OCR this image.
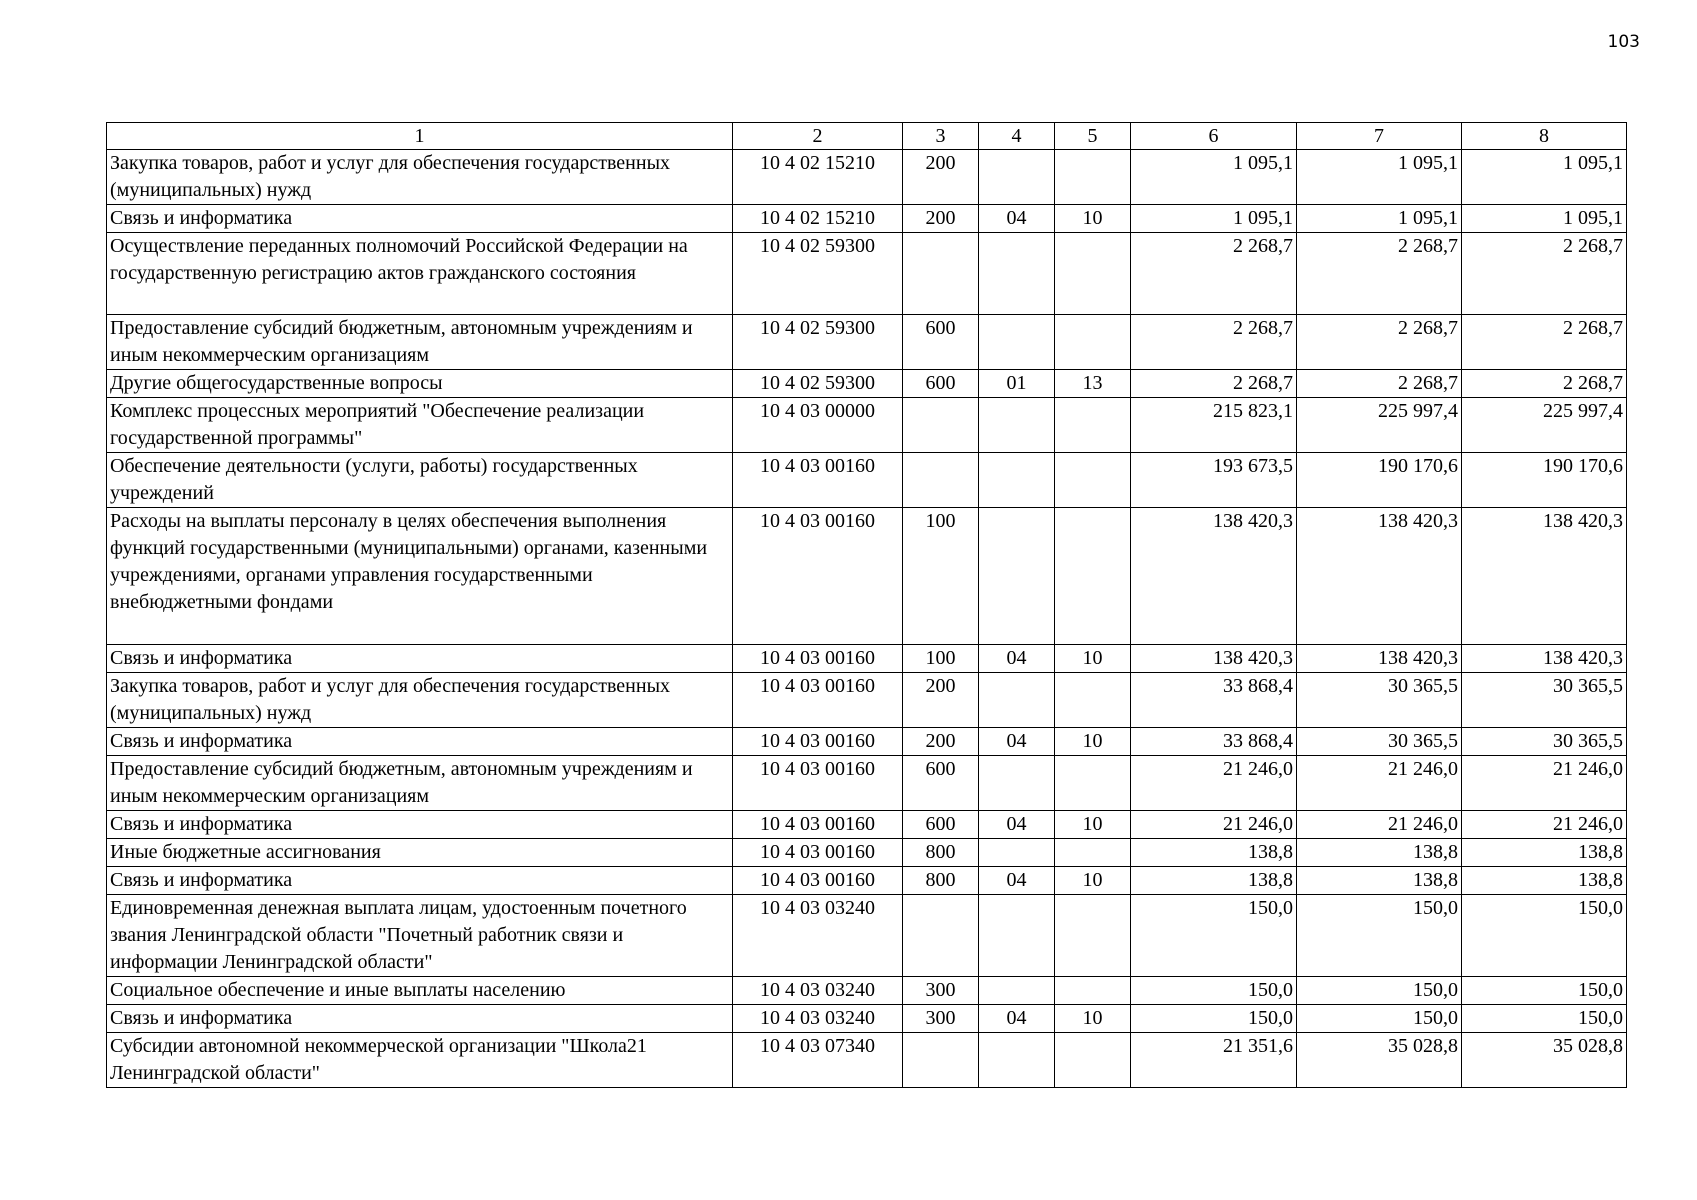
103
1	2	3	4	5	6	7	8
Закупка товаров, работ и услуг для обеспечения государственных (муниципальных) нужд	10 4 02 15210	200			1 095,1	1 095,1	1 095,1
Связь и информатика	10 4 02 15210	200	04	10	1 095,1	1 095,1	1 095,1
Осуществление переданных полномочий Российской Федерации на государственную регистрацию актов гражданского состояния	10 4 02 59300				2 268,7	2 268,7	2 268,7
Предоставление субсидий бюджетным, автономным учреждениям и иным некоммерческим организациям	10 4 02 59300	600			2 268,7	2 268,7	2 268,7
Другие общегосударственные вопросы	10 4 02 59300	600	01	13	2 268,7	2 268,7	2 268,7
Комплекс процессных мероприятий "Обеспечение реализации государственной программы"	10 4 03 00000				215 823,1	225 997,4	225 997,4
Обеспечение деятельности (услуги, работы) государственных учреждений	10 4 03 00160				193 673,5	190 170,6	190 170,6
Расходы на выплаты персоналу в целях обеспечения выполнения функций государственными (муниципальными) органами, казенными учреждениями, органами управления государственными внебюджетными фондами	10 4 03 00160	100			138 420,3	138 420,3	138 420,3
Связь и информатика	10 4 03 00160	100	04	10	138 420,3	138 420,3	138 420,3
Закупка товаров, работ и услуг для обеспечения государственных (муниципальных) нужд	10 4 03 00160	200			33 868,4	30 365,5	30 365,5
Связь и информатика	10 4 03 00160	200	04	10	33 868,4	30 365,5	30 365,5
Предоставление субсидий бюджетным, автономным учреждениям и иным некоммерческим организациям	10 4 03 00160	600			21 246,0	21 246,0	21 246,0
Связь и информатика	10 4 03 00160	600	04	10	21 246,0	21 246,0	21 246,0
Иные бюджетные ассигнования	10 4 03 00160	800			138,8	138,8	138,8
Связь и информатика	10 4 03 00160	800	04	10	138,8	138,8	138,8
Единовременная денежная выплата лицам, удостоенным почетного звания Ленинградской области "Почетный работник связи и информации Ленинградской области"	10 4 03 03240				150,0	150,0	150,0
Социальное обеспечение и иные выплаты населению	10 4 03 03240	300			150,0	150,0	150,0
Связь и информатика	10 4 03 03240	300	04	10	150,0	150,0	150,0
Субсидии автономной некоммерческой организации "Школа21 Ленинградской области"	10 4 03 07340				21 351,6	35 028,8	35 028,8
